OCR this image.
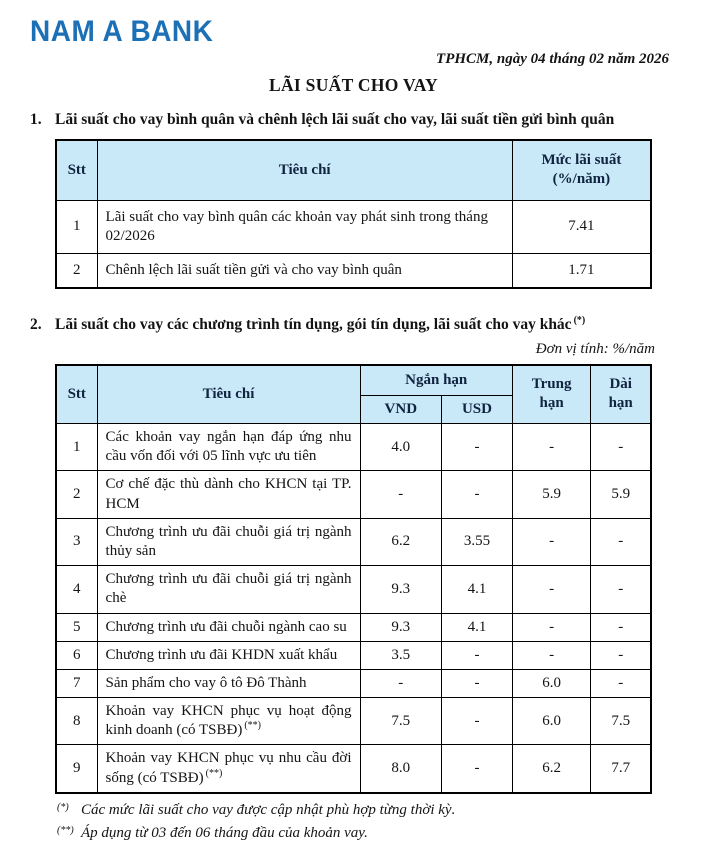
NAM A BANK
TPHCM, ngày 04 tháng 02 năm 2026
LÃI SUẤT CHO VAY
1. Lãi suất cho vay bình quân và chênh lệch lãi suất cho vay, lãi suất tiền gửi bình quân
Stt	Tiêu chí	Mức lãi suất
(%/năm)

1	Lãi suất cho vay bình quân các khoản vay phát sinh trong tháng 02/2026	7.41
2	Chênh lệch lãi suất tiền gửi và cho vay bình quân	1.71
2. Lãi suất cho vay các chương trình tín dụng, gói tín dụng, lãi suất cho vay khác (*)
Đơn vị tính: %/năm
Stt	Tiêu chí	Ngắn hạn		Trung hạn	Dài hạn
		VND	USD		
1	Các khoản vay ngắn hạn đáp ứng nhu cầu vốn đối với 05 lĩnh vực ưu tiên	4.0	-	-	-
2	Cơ chế đặc thù dành cho KHCN tại TP. HCM	-	-	5.9	5.9
3	Chương trình ưu đãi chuỗi giá trị ngành thủy sản	6.2	3.55	-	-
4	Chương trình ưu đãi chuỗi giá trị ngành chè	9.3	4.1	-	-
5	Chương trình ưu đãi chuỗi ngành cao su	9.3	4.1	-	-
6	Chương trình ưu đãi KHDN xuất khẩu	3.5	-	-	-
7	Sản phẩm cho vay ô tô Đô Thành	-	-	6.0	-
8	Khoản vay KHCN phục vụ hoạt động kinh doanh (có TSBĐ) (**)	7.5	-	6.0	7.5
9	Khoản vay KHCN phục vụ nhu cầu đời sống (có TSBĐ) (**)	8.0	-	6.2	7.7
(*) Các mức lãi suất cho vay được cập nhật phù hợp từng thời kỳ.
(**) Áp dụng từ 03 đến 06 tháng đầu của khoản vay.
